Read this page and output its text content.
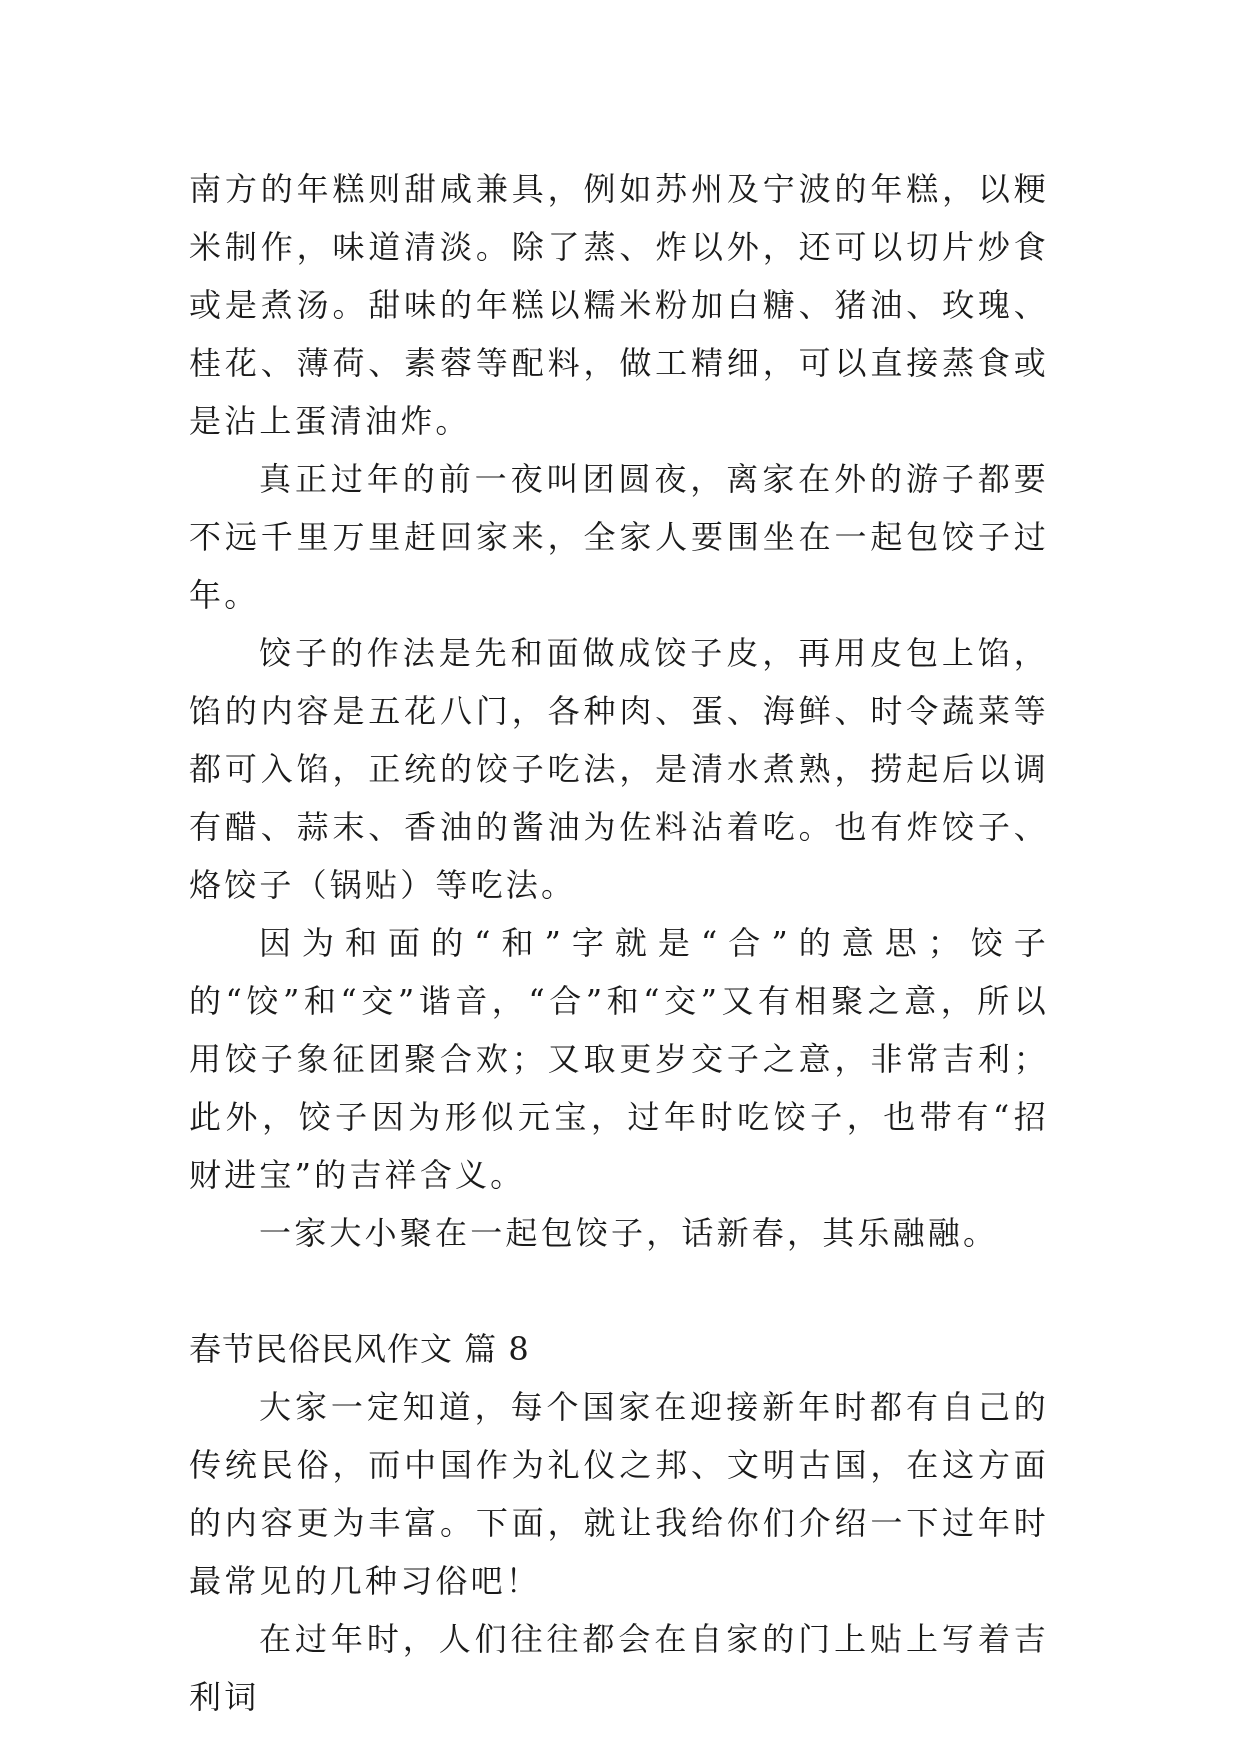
南方的年糕则甜咸兼具，例如苏州及宁波的年糕，以粳米制作，味道清淡。除了蒸、炸以外，还可以切片炒食或是煮汤。甜味的年糕以糯米粉加白糖、猪油、玫瑰、桂花、薄荷、素蓉等配料，做工精细，可以直接蒸食或是沾上蛋清油炸。

真正过年的前一夜叫团圆夜，离家在外的游子都要不远千里万里赶回家来，全家人要围坐在一起包饺子过年。

饺子的作法是先和面做成饺子皮，再用皮包上馅，馅的内容是五花八门，各种肉、蛋、海鲜、时令蔬菜等都可入馅，正统的饺子吃法，是清水煮熟，捞起后以调有醋、蒜末、香油的酱油为佐料沾着吃。也有炸饺子、烙饺子（锅贴）等吃法。

因为和面的“和”字就是“合”的意思；饺子的“饺”和“交”谐音，“合”和“交”又有相聚之意，所以用饺子象征团聚合欢；又取更岁交子之意，非常吉利；此外，饺子因为形似元宝，过年时吃饺子，也带有“招财进宝”的吉祥含义。

一家大小聚在一起包饺子，话新春，其乐融融。

春节民俗民风作文 篇 8

大家一定知道，每个国家在迎接新年时都有自己的传统民俗，而中国作为礼仪之邦、文明古国，在这方面的内容更为丰富。下面，就让我给你们介绍一下过年时最常见的几种习俗吧！

在过年时，人们往往都会在自家的门上贴上写着吉利词
